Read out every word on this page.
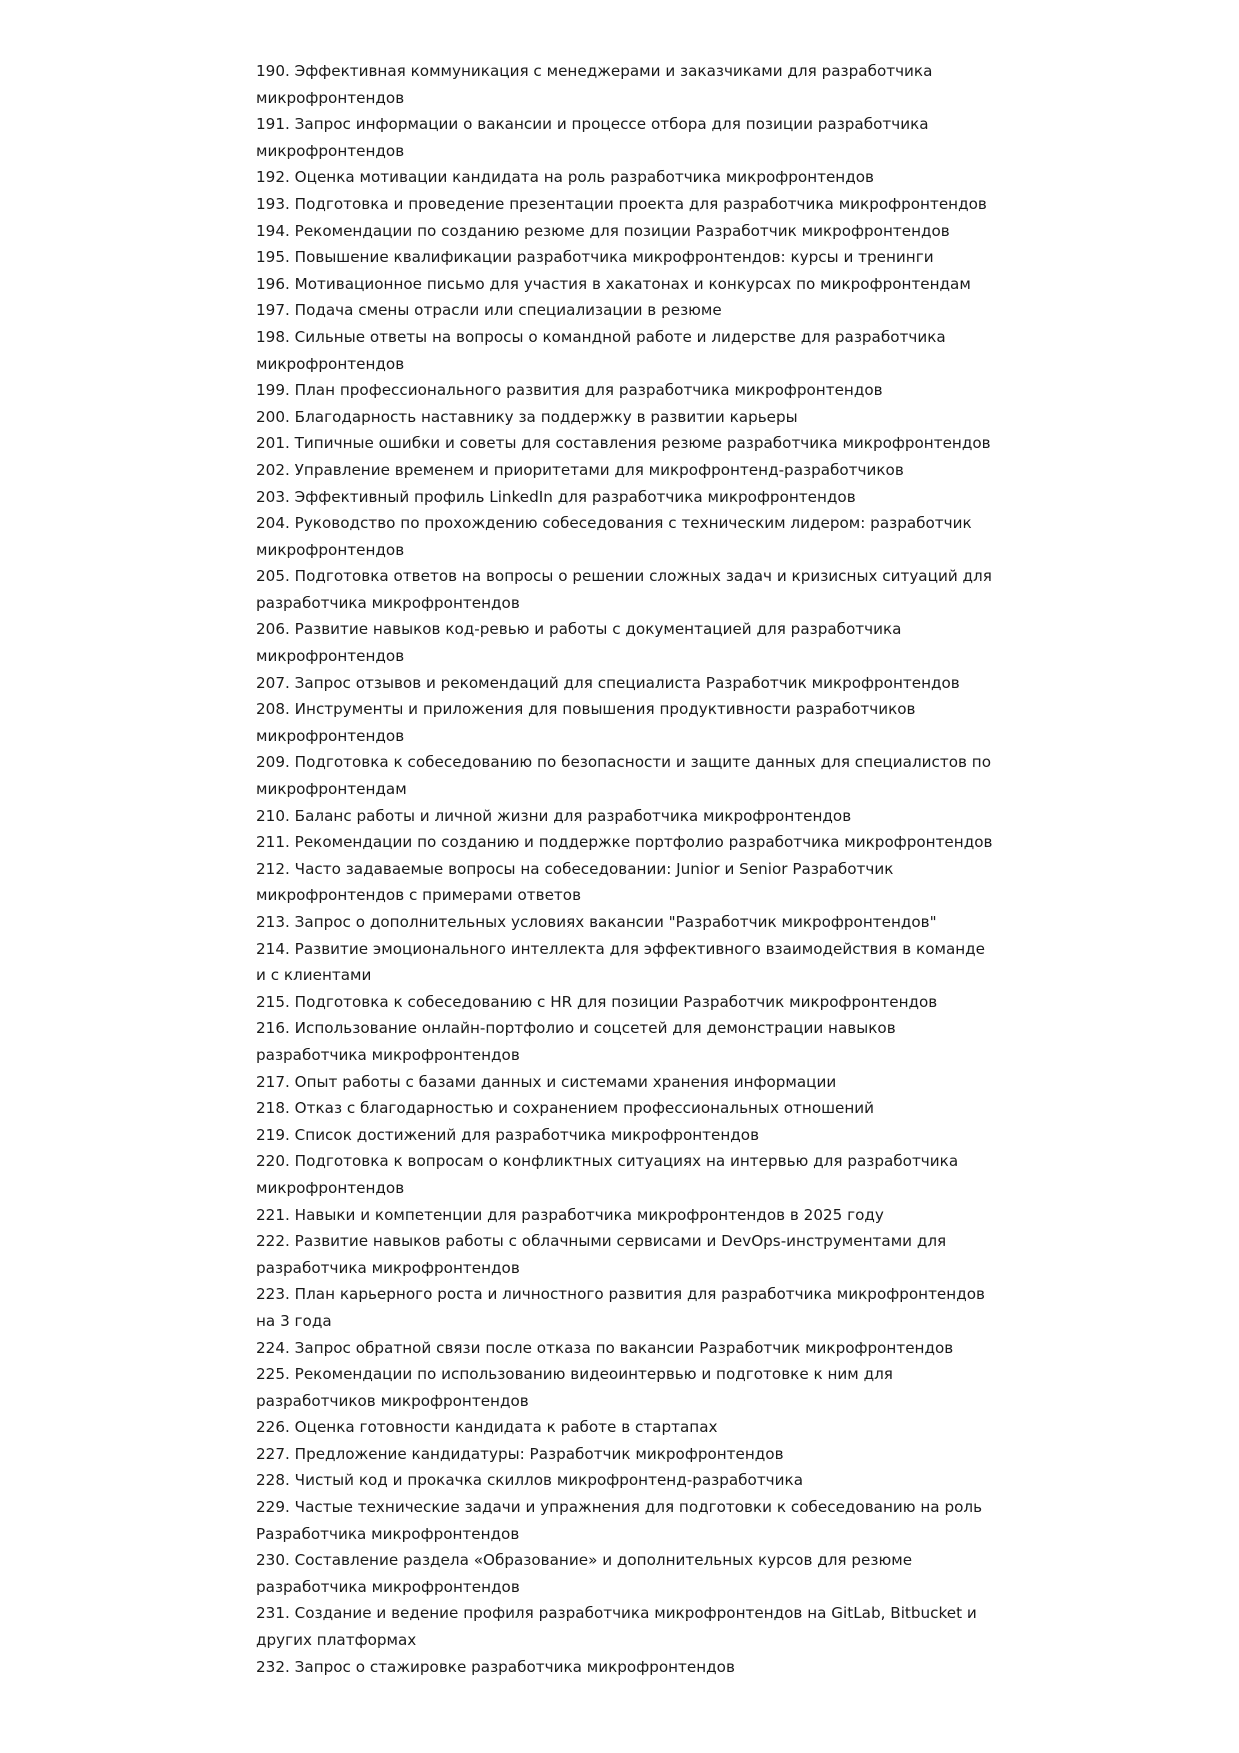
190. Эффективная коммуникация с менеджерами и заказчиками для разработчика микрофронтендов
191. Запрос информации о вакансии и процессе отбора для позиции разработчика микрофронтендов
192. Оценка мотивации кандидата на роль разработчика микрофронтендов
193. Подготовка и проведение презентации проекта для разработчика микрофронтендов
194. Рекомендации по созданию резюме для позиции Разработчик микрофронтендов
195. Повышение квалификации разработчика микрофронтендов: курсы и тренинги
196. Мотивационное письмо для участия в хакатонах и конкурсах по микрофронтендам
197. Подача смены отрасли или специализации в резюме
198. Сильные ответы на вопросы о командной работе и лидерстве для разработчика микрофронтендов
199. План профессионального развития для разработчика микрофронтендов
200. Благодарность наставнику за поддержку в развитии карьеры
201. Типичные ошибки и советы для составления резюме разработчика микрофронтендов
202. Управление временем и приоритетами для микрофронтенд-разработчиков
203. Эффективный профиль LinkedIn для разработчика микрофронтендов
204. Руководство по прохождению собеседования с техническим лидером: разработчик микрофронтендов
205. Подготовка ответов на вопросы о решении сложных задач и кризисных ситуаций для разработчика микрофронтендов
206. Развитие навыков код-ревью и работы с документацией для разработчика микрофронтендов
207. Запрос отзывов и рекомендаций для специалиста Разработчик микрофронтендов
208. Инструменты и приложения для повышения продуктивности разработчиков микрофронтендов
209. Подготовка к собеседованию по безопасности и защите данных для специалистов по микрофронтендам
210. Баланс работы и личной жизни для разработчика микрофронтендов
211. Рекомендации по созданию и поддержке портфолио разработчика микрофронтендов
212. Часто задаваемые вопросы на собеседовании: Junior и Senior Разработчик микрофронтендов с примерами ответов
213. Запрос о дополнительных условиях вакансии "Разработчик микрофронтендов"
214. Развитие эмоционального интеллекта для эффективного взаимодействия в команде и с клиентами
215. Подготовка к собеседованию с HR для позиции Разработчик микрофронтендов
216. Использование онлайн-портфолио и соцсетей для демонстрации навыков разработчика микрофронтендов
217. Опыт работы с базами данных и системами хранения информации
218. Отказ с благодарностью и сохранением профессиональных отношений
219. Список достижений для разработчика микрофронтендов
220. Подготовка к вопросам о конфликтных ситуациях на интервью для разработчика микрофронтендов
221. Навыки и компетенции для разработчика микрофронтендов в 2025 году
222. Развитие навыков работы с облачными сервисами и DevOps-инструментами для разработчика микрофронтендов
223. План карьерного роста и личностного развития для разработчика микрофронтендов на 3 года
224. Запрос обратной связи после отказа по вакансии Разработчик микрофронтендов
225. Рекомендации по использованию видеоинтервью и подготовке к ним для разработчиков микрофронтендов
226. Оценка готовности кандидата к работе в стартапах
227. Предложение кандидатуры: Разработчик микрофронтендов
228. Чистый код и прокачка скиллов микрофронтенд-разработчика
229. Частые технические задачи и упражнения для подготовки к собеседованию на роль Разработчика микрофронтендов
230. Составление раздела «Образование» и дополнительных курсов для резюме разработчика микрофронтендов
231. Создание и ведение профиля разработчика микрофронтендов на GitLab, Bitbucket и других платформах
232. Запрос о стажировке разработчика микрофронтендов
